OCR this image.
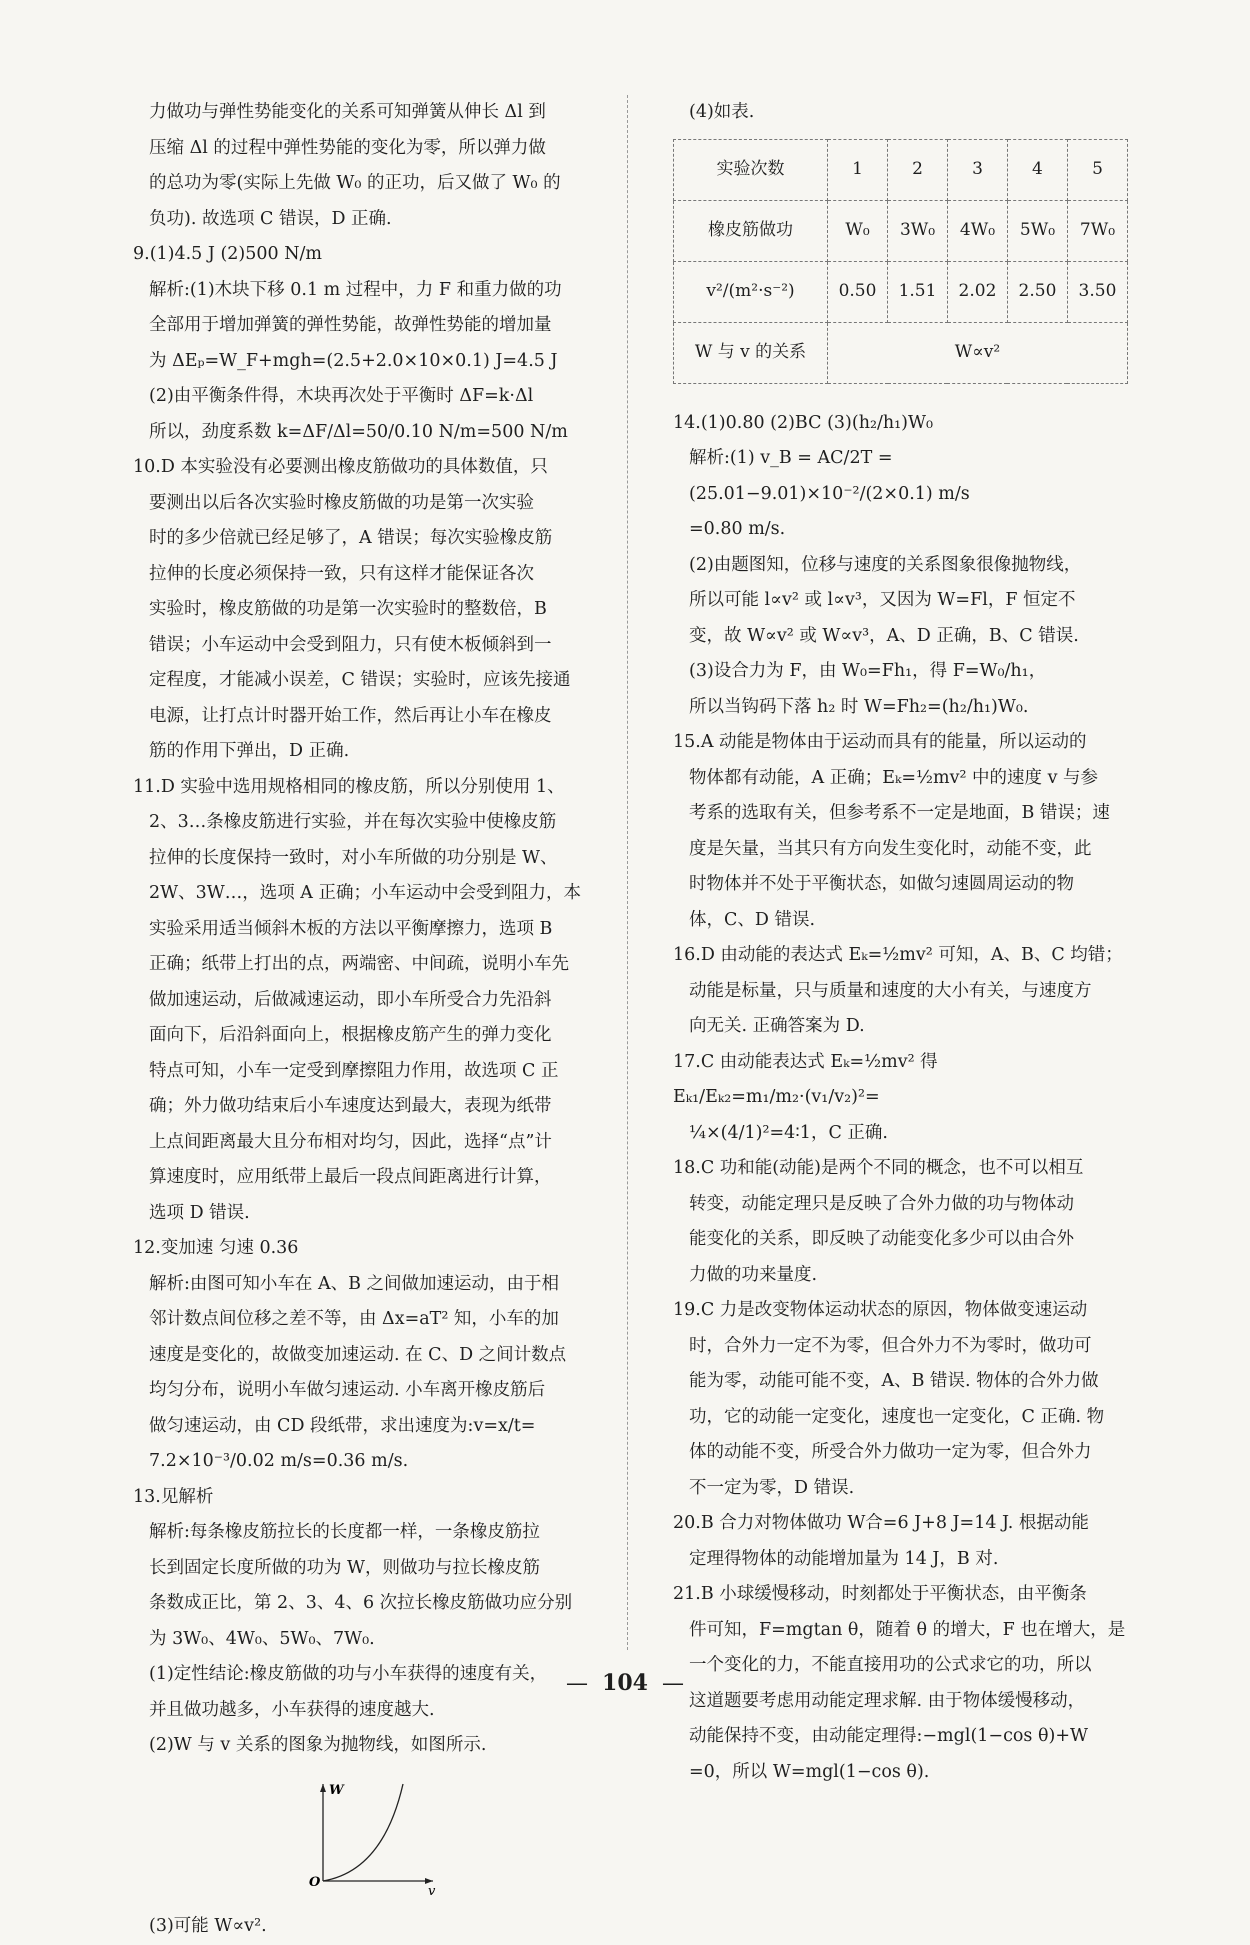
力做功与弹性势能变化的关系可知弹簧从伸长 Δl 到

压缩 Δl 的过程中弹性势能的变化为零，所以弹力做

的总功为零(实际上先做 W₀ 的正功，后又做了 W₀ 的

负功). 故选项 C 错误，D 正确.

9.(1)4.5 J (2)500 N/m

解析:(1)木块下移 0.1 m 过程中，力 F 和重力做的功

全部用于增加弹簧的弹性势能，故弹性势能的增加量

为 ΔEₚ=W_F+mgh=(2.5+2.0×10×0.1) J=4.5 J

(2)由平衡条件得，木块再次处于平衡时 ΔF=k·Δl

所以，劲度系数 k=ΔF/Δl=50/0.10 N/m=500 N/m

10.D 本实验没有必要测出橡皮筋做功的具体数值，只

要测出以后各次实验时橡皮筋做的功是第一次实验

时的多少倍就已经足够了，A 错误；每次实验橡皮筋

拉伸的长度必须保持一致，只有这样才能保证各次

实验时，橡皮筋做的功是第一次实验时的整数倍，B

错误；小车运动中会受到阻力，只有使木板倾斜到一

定程度，才能减小误差，C 错误；实验时，应该先接通

电源，让打点计时器开始工作，然后再让小车在橡皮

筋的作用下弹出，D 正确.

11.D 实验中选用规格相同的橡皮筋，所以分别使用 1、

2、3…条橡皮筋进行实验，并在每次实验中使橡皮筋

拉伸的长度保持一致时，对小车所做的功分别是 W、

2W、3W…，选项 A 正确；小车运动中会受到阻力，本

实验采用适当倾斜木板的方法以平衡摩擦力，选项 B

正确；纸带上打出的点，两端密、中间疏，说明小车先

做加速运动，后做减速运动，即小车所受合力先沿斜

面向下，后沿斜面向上，根据橡皮筋产生的弹力变化

特点可知，小车一定受到摩擦阻力作用，故选项 C 正

确；外力做功结束后小车速度达到最大，表现为纸带

上点间距离最大且分布相对均匀，因此，选择“点”计

算速度时，应用纸带上最后一段点间距离进行计算，

选项 D 错误.

12.变加速 匀速 0.36

解析:由图可知小车在 A、B 之间做加速运动，由于相

邻计数点间位移之差不等，由 Δx=aT² 知，小车的加

速度是变化的，故做变加速运动. 在 C、D 之间计数点

均匀分布，说明小车做匀速运动. 小车离开橡皮筋后

做匀速运动，由 CD 段纸带，求出速度为:v=x/t=

7.2×10⁻³/0.02 m/s=0.36 m/s.

13.见解析

解析:每条橡皮筋拉长的长度都一样，一条橡皮筋拉

长到固定长度所做的功为 W，则做功与拉长橡皮筋

条数成正比，第 2、3、4、6 次拉长橡皮筋做功应分别

为 3W₀、4W₀、5W₀、7W₀.

(1)定性结论:橡皮筋做的功与小车获得的速度有关，

并且做功越多，小车获得的速度越大.

(2)W 与 v 关系的图象为抛物线，如图所示.

W
v
O

(3)可能 W∝v².

(4)如表.

实验次数	1	2	3	4	5
橡皮筋做功	W₀	3W₀	4W₀	5W₀	7W₀
v²/(m²·s⁻²)	0.50	1.51	2.02	2.50	3.50
W 与 v 的关系	W∝v²				

14.(1)0.80 (2)BC (3)(h₂/h₁)W₀

解析:(1) v_B = AC/2T = (25.01−9.01)×10⁻²/(2×0.1) m/s

=0.80 m/s.

(2)由题图知，位移与速度的关系图象很像抛物线，

所以可能 l∝v² 或 l∝v³，又因为 W=Fl，F 恒定不

变，故 W∝v² 或 W∝v³，A、D 正确，B、C 错误.

(3)设合力为 F，由 W₀=Fh₁，得 F=W₀/h₁，

所以当钩码下落 h₂ 时 W=Fh₂=(h₂/h₁)W₀.

15.A 动能是物体由于运动而具有的能量，所以运动的

物体都有动能，A 正确；Eₖ=½mv² 中的速度 v 与参

考系的选取有关，但参考系不一定是地面，B 错误；速

度是矢量，当其只有方向发生变化时，动能不变，此

时物体并不处于平衡状态，如做匀速圆周运动的物

体，C、D 错误.

16.D 由动能的表达式 Eₖ=½mv² 可知，A、B、C 均错；

动能是标量，只与质量和速度的大小有关，与速度方

向无关. 正确答案为 D.

17.C 由动能表达式 Eₖ=½mv² 得 Eₖ₁/Eₖ₂=m₁/m₂·(v₁/v₂)²=

¼×(4/1)²=4∶1，C 正确.

18.C 功和能(动能)是两个不同的概念，也不可以相互

转变，动能定理只是反映了合外力做的功与物体动

能变化的关系，即反映了动能变化多少可以由合外

力做的功来量度.

19.C 力是改变物体运动状态的原因，物体做变速运动

时，合外力一定不为零，但合外力不为零时，做功可

能为零，动能可能不变，A、B 错误. 物体的合外力做

功，它的动能一定变化，速度也一定变化，C 正确. 物

体的动能不变，所受合外力做功一定为零，但合外力

不一定为零，D 错误.

20.B 合力对物体做功 W合=6 J+8 J=14 J. 根据动能

定理得物体的动能增加量为 14 J，B 对.

21.B 小球缓慢移动，时刻都处于平衡状态，由平衡条

件可知，F=mgtan θ，随着 θ 的增大，F 也在增大，是

一个变化的力，不能直接用功的公式求它的功，所以

这道题要考虑用动能定理求解. 由于物体缓慢移动，

动能保持不变，由动能定理得:−mgl(1−cos θ)+W

=0，所以 W=mgl(1−cos θ).

— 104 —
